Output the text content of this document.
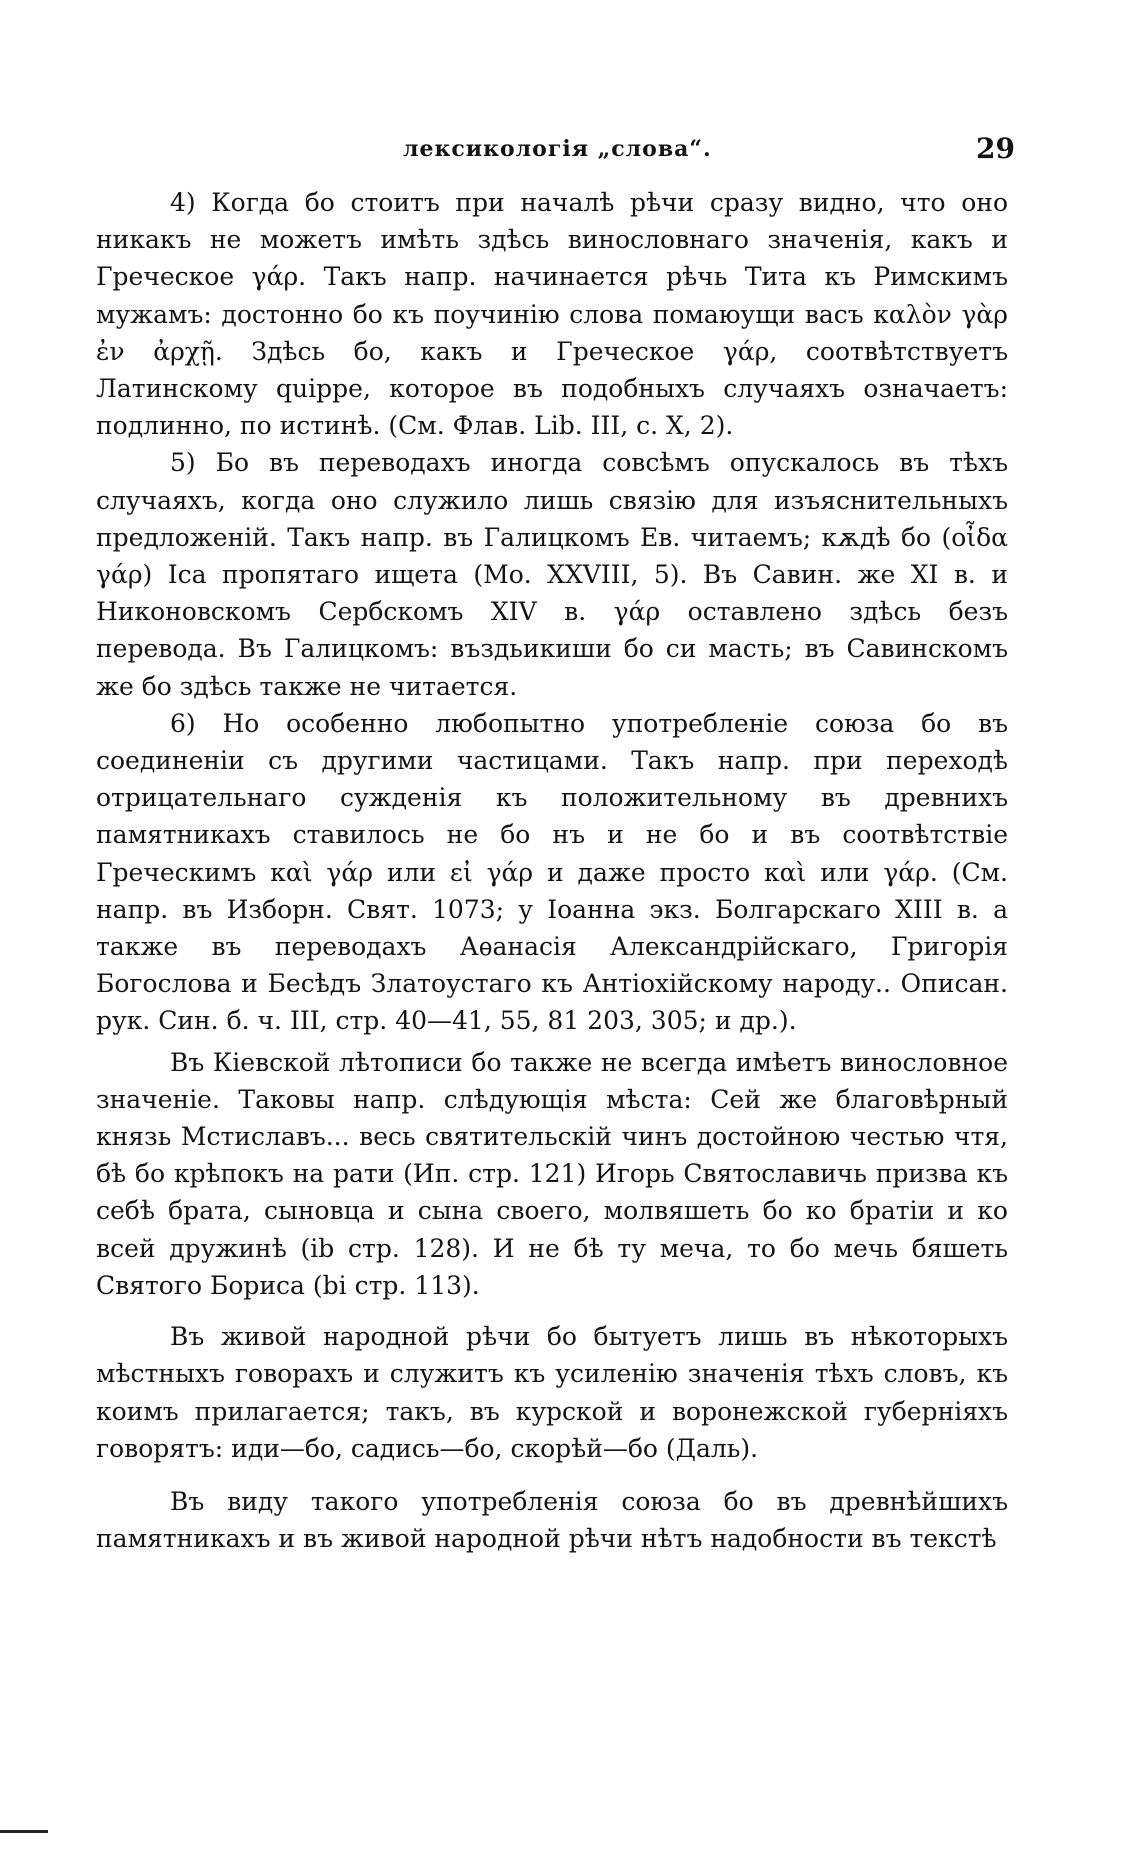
лексикологія „слова“.	29

4) Когда бо стоитъ при началѣ рѣчи сразу видно, что оно никакъ не можетъ имѣть здѣсь винословнаго значенія, какъ и Греческое γάρ. Такъ напр. начинается рѣчь Тита къ Римскимъ мужамъ: достонно бо къ поучинію слова помаюущи васъ καλὸν γὰρ ἐν ἀρχῇ. Здѣсь бо, какъ и Греческое γάρ, соотвѣтствуетъ Латинскому quippe, которое въ подобныхъ случаяхъ означаетъ: подлинно, по истинѣ. (См. Флав. Lib. III, c. X, 2).

5) Бо въ переводахъ иногда совсѣмъ опускалось въ тѣхъ случаяхъ, когда оно служило лишь связію для изъяснительныхъ предложеній. Такъ напр. въ Галицкомъ Ев. читаемъ; кѫдѣ бо (οἶδα γάρ) Іса пропятаго ищета (Мо. XXVIII, 5). Въ Савин. же XI в. и Никоновскомъ Сербскомъ XIV в. γάρ оставлено здѣсь безъ перевода. Въ Галицкомъ: въздьикиши бо си масть; въ Савинскомъ же бо здѣсь также не читается.

6) Но особенно любопытно употребленіе союза бо въ соединеніи съ другими частицами. Такъ напр. при переходѣ отрицательнаго сужденія къ положительному въ древнихъ памятникахъ ставилось не бо нъ и не бо и въ соотвѣтствіе Греческимъ καὶ γάρ или εἰ γάρ и даже просто καὶ или γάρ. (См. напр. въ Изборн. Свят. 1073; у Іоанна экз. Болгарскаго XIII в. а также въ переводахъ Аѳанасія Александрійскаго, Григорія Богослова и Бесѣдъ Златоустаго къ Антіохійскому народу.. Описан. рук. Син. б. ч. III, стр. 40—41, 55, 81 203, 305; и др.).

Въ Кіевской лѣтописи бо также не всегда имѣетъ винословное значеніе. Таковы напр. слѣдующія мѣста: Сей же благовѣрный князь Мстиславъ... весь святительскій чинъ достойною честью чтя, бѣ бо крѣпокъ на рати (Ип. стр. 121) Игорь Святославичь призва къ себѣ брата, сыновца и сына своего, молвяшеть бо ко братіи и ко всей дружинѣ (ib стр. 128). И не бѣ ту меча, то бо мечь бяшеть Святого Бориса (bi стр. 113).

Въ живой народной рѣчи бо бытуетъ лишь въ нѣкоторыхъ мѣстныхъ говорахъ и служитъ къ усиленію значенія тѣхъ словъ, къ коимъ прилагается; такъ, въ курской и воронежской губерніяхъ говорятъ: иди—бо, садись—бо, скорѣй—бо (Даль).

Въ виду такого употребленія союза бо въ древнѣйшихъ памятникахъ и въ живой народной рѣчи нѣтъ надобности въ текстѣ
